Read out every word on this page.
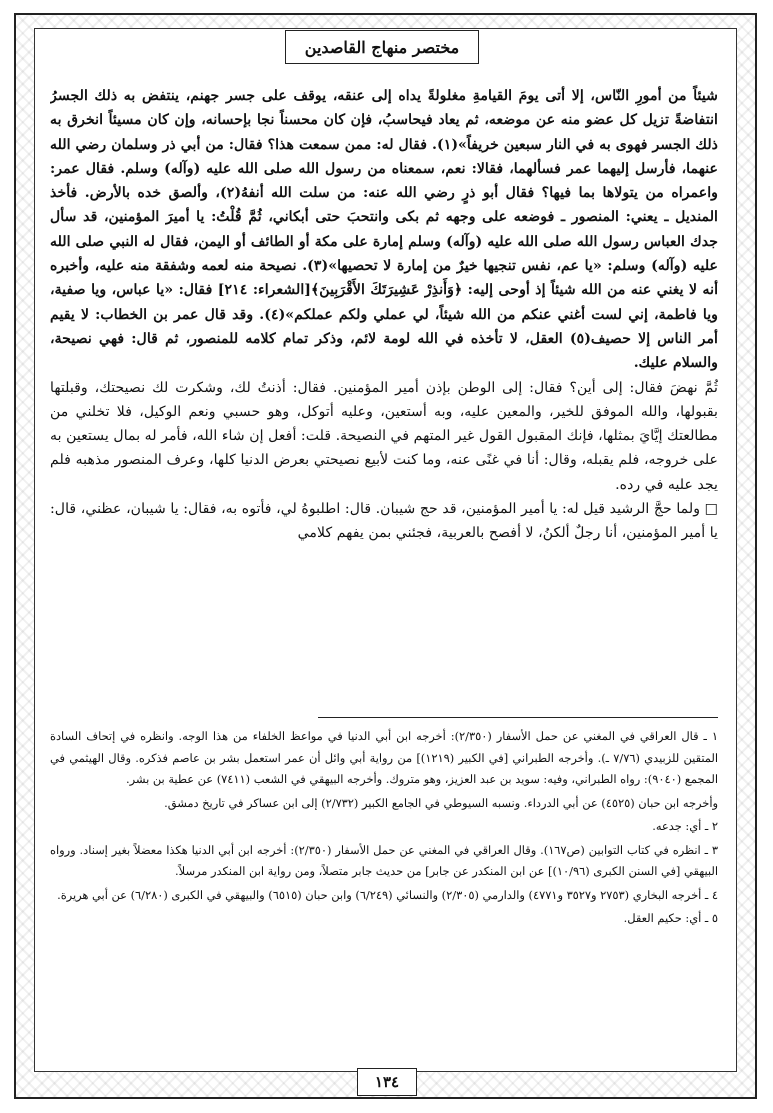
مختصر منهاج القاصدين

شيئاً من أمورِ النّاس، إلا أتى يومَ القيامةِ مغلولةً يداه إلى عنقه، يوقف على جسر جهنم، ينتفض به ذلك الجسرُ انتفاضةً تزيل كل عضو منه عن موضعه، ثم يعاد فيحاسبُ، فإن كان محسناً نجا بإحسانه، وإن كان مسيئاً انخرق به ذلك الجسر فهوى به في النار سبعين خريفاً»(١). فقال له: ممن سمعت هذا؟ فقال: من أبي ذر وسلمان رضي الله عنهما، فأرسل إليهما عمر فسألهما، فقالا: نعم، سمعناه من رسول الله صلى الله عليه (وآله) وسلم. فقال عمر: واعمراه من يتولاها بما فيها؟ فقال أبو ذرٍ رضي الله عنه: من سلت الله أنفهُ(٢)، وألصق خده بالأرض. فأخذ المنديل ـ يعني: المنصور ـ فوضعه على وجهه ثم بكى وانتحبَ حتى أبكاني، ثُمَّ قُلْتُ: يا أميرَ المؤمنين، قد سأل جدك العباس رسول الله صلى الله عليه (وآله) وسلم إمارة على مكة أو الطائف أو اليمن، فقال له النبي صلى الله عليه (وآله) وسلم: «يا عم، نفس تنجيها خيرٌ من إمارة لا تحصيها»(٣). نصيحة منه لعمه وشفقة منه عليه، وأخبره أنه لا يغني عنه من الله شيئاً إذ أوحى إليه: ﴿وَأَنذِرْ عَشِيرَتَكَ الأَقْرَبِينَ﴾[الشعراء: ٢١٤] فقال: «يا عباس، ويا صفية، ويا فاطمة، إني لست أغني عنكم من الله شيئاً، لي عملي ولكم عملكم»(٤). وقد قال عمر بن الخطاب: لا يقيم أمر الناس إلا حصيف(٥) العقل، لا تأخذه في الله لومة لائم، وذكر تمام كلامه للمنصور، ثم قال: فهي نصيحة، والسلام عليك.

ثُمَّ نهضَ فقال: إلى أين؟ فقال: إلى الوطن بإذن أمير المؤمنين. فقال: أذنتُ لك، وشكرت لك نصيحتك، وقبلتها بقبولها، والله الموفق للخير، والمعين عليه، وبه أستعين، وعليه أتوكل، وهو حسبي ونعم الوكيل، فلا تخلني من مطالعتك إيَّايَ بمثلها، فإنك المقبول القول غير المتهم في النصيحة. قلت: أفعل إن شاء الله، فأمر له بمال يستعين به على خروجه، فلم يقبله، وقال: أنا في غنًى عنه، وما كنت لأبيع نصيحتي بعرض الدنيا كلها، وعرف المنصور مذهبه فلم يجد عليه في رده.

□ ولما حجَّ الرشيد قيل له: يا أمير المؤمنين، قد حج شيبان. قال: اطلبوهُ لي، فأتوه به، فقال: يا شيبان، عظني، قال: يا أمير المؤمنين، أنا رجلٌ ألكنُ، لا أفصح بالعربية، فجئني بمن يفهم كلامي

١ ـ قال العراقي في المغني عن حمل الأسفار (٢/٣٥٠): أخرجه ابن أبي الدنيا في مواعظ الخلفاء من هذا الوجه. وانظره في إتحاف السادة المتقين للزبيدي (٧/٧٦ ـ). وأخرجه الطبراني [في الكبير (١٢١٩)] من رواية أبي وائل أن عمر استعمل بشر بن عاصم فذكره. وقال الهيثمي في المجمع (٩٠٤٠): رواه الطبراني، وفيه: سويد بن عبد العزيز، وهو متروك. وأخرجه البيهقي في الشعب (٧٤١١) عن عطية بن بشر.

وأخرجه ابن حبان (٤٥٢٥) عن أبي الدرداء. ونسبه السيوطي في الجامع الكبير (٢/٧٣٢) إلى ابن عساكر في تاريخ دمشق.

٢ ـ أي: جدعه.

٣ ـ انظره في كتاب التوابين (ص١٦٧). وقال العراقي في المغني عن حمل الأسفار (٢/٣٥٠): أخرجه ابن أبي الدنيا هكذا معضلاً بغير إسناد. ورواه البيهقي [في السنن الكبرى (١٠/٩٦)] عن ابن المنكدر عن جابر] من حديث جابر متصلاً، ومن رواية ابن المنكدر مرسلاً.

٤ ـ أخرجه البخاري (٢٧٥٣ و٣٥٢٧ و٤٧٧١) والدارمي (٢/٣٠٥) والنسائي (٦/٢٤٩) وابن حبان (٦٥١٥) والبيهقي في الكبرى (٦/٢٨٠) عن أبي هريرة.

٥ ـ أي: حكيم العقل.

١٣٤
